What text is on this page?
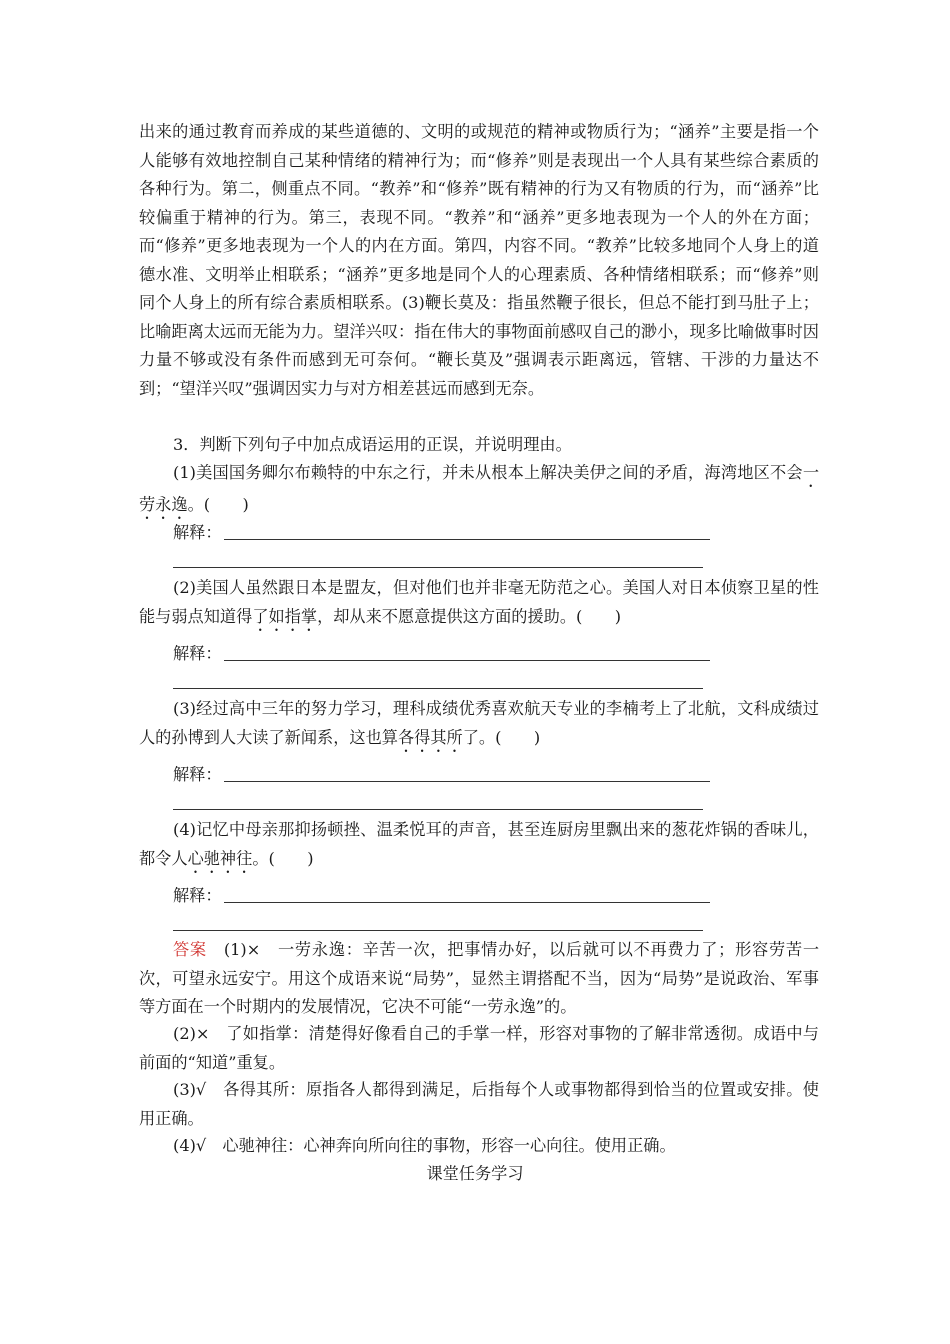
出来的通过教育而养成的某些道德的、文明的或规范的精神或物质行为；“涵养”主要是指一个人能够有效地控制自己某种情绪的精神行为；而“修养”则是表现出一个人具有某些综合素质的各种行为。第二，侧重点不同。“教养”和“修养”既有精神的行为又有物质的行为，而“涵养”比较偏重于精神的行为。第三，表现不同。“教养”和“涵养”更多地表现为一个人的外在方面；而“修养”更多地表现为一个人的内在方面。第四，内容不同。“教养”比较多地同个人身上的道德水准、文明举止相联系；“涵养”更多地是同个人的心理素质、各种情绪相联系；而“修养”则同个人身上的所有综合素质相联系。(3)鞭长莫及：指虽然鞭子很长，但总不能打到马肚子上；比喻距离太远而无能为力。望洋兴叹：指在伟大的事物面前感叹自己的渺小，现多比喻做事时因力量不够或没有条件而感到无可奈何。“鞭长莫及”强调表示距离远，管辖、干涉的力量达不到；“望洋兴叹”强调因实力与对方相差甚远而感到无奈。

3．判断下列句子中加点成语运用的正误，并说明理由。

(1)美国国务卿尔布赖特的中东之行，并未从根本上解决美伊之间的矛盾，海湾地区不会一劳永逸。(　　)

解释：

(2)美国人虽然跟日本是盟友，但对他们也并非毫无防范之心。美国人对日本侦察卫星的性能与弱点知道得了如指掌，却从来不愿意提供这方面的援助。(　　)

解释：

(3)经过高中三年的努力学习，理科成绩优秀喜欢航天专业的李楠考上了北航，文科成绩过人的孙博到人大读了新闻系，这也算各得其所了。(　　)

解释：

(4)记忆中母亲那抑扬顿挫、温柔悦耳的声音，甚至连厨房里飘出来的葱花炸锅的香味儿，都令人心驰神往。(　　)

解释：

答案　 (1)×　一劳永逸：辛苦一次，把事情办好，以后就可以不再费力了；形容劳苦一次，可望永远安宁。用这个成语来说“局势”，显然主谓搭配不当，因为“局势”是说政治、军事等方面在一个时期内的发展情况，它决不可能“一劳永逸”的。

(2)×　了如指掌：清楚得好像看自己的手掌一样，形容对事物的了解非常透彻。成语中与前面的“知道”重复。

(3)√　各得其所：原指各人都得到满足，后指每个人或事物都得到恰当的位置或安排。使用正确。

(4)√　心驰神往：心神奔向所向往的事物，形容一心向往。使用正确。

课堂任务学习
